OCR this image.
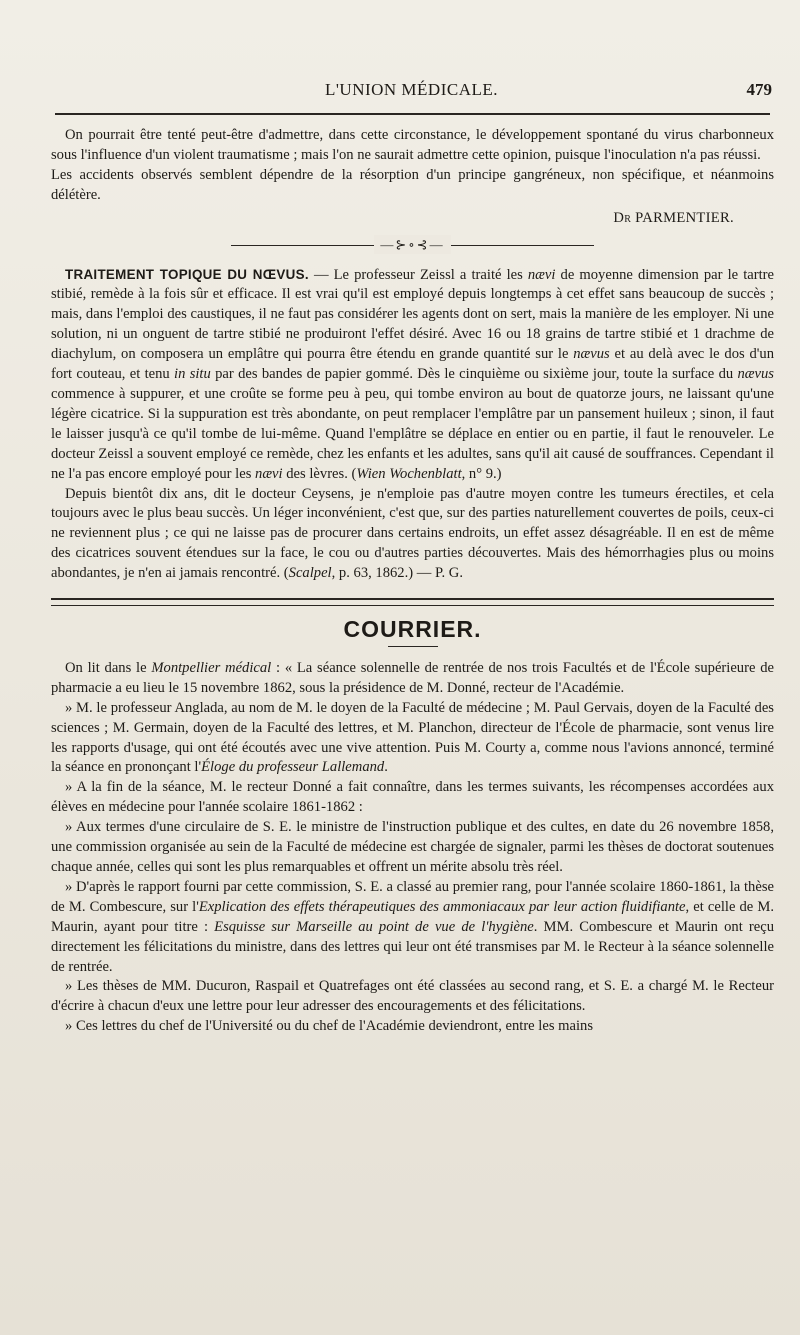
L'UNION MÉDICALE.	479

On pourrait être tenté peut-être d'admettre, dans cette circonstance, le développement spontané du virus charbonneux sous l'influence d'un violent traumatisme ; mais l'on ne saurait admettre cette opinion, puisque l'inoculation n'a pas réussi.

Les accidents observés semblent dépendre de la résorption d'un principe gangréneux, non spécifique, et néanmoins délétère.

Dr PARMENTIER.
—⊱∘⊰—

TRAITEMENT TOPIQUE DU NŒVUS. — Le professeur Zeissl a traité les nævi de moyenne dimension par le tartre stibié, remède à la fois sûr et efficace. Il est vrai qu'il est employé depuis longtemps à cet effet sans beaucoup de succès ; mais, dans l'emploi des caustiques, il ne faut pas considérer les agents dont on sert, mais la manière de les employer. Ni une solution, ni un onguent de tartre stibié ne produiront l'effet désiré. Avec 16 ou 18 grains de tartre stibié et 1 drachme de diachylum, on composera un emplâtre qui pourra être étendu en grande quantité sur le nævus et au delà avec le dos d'un fort couteau, et tenu in situ par des bandes de papier gommé. Dès le cinquième ou sixième jour, toute la surface du nævus commence à suppurer, et une croûte se forme peu à peu, qui tombe environ au bout de quatorze jours, ne laissant qu'une légère cicatrice. Si la suppuration est très abondante, on peut remplacer l'emplâtre par un pansement huileux ; sinon, il faut le laisser jusqu'à ce qu'il tombe de lui-même. Quand l'emplâtre se déplace en entier ou en partie, il faut le renouveler. Le docteur Zeissl a souvent employé ce remède, chez les enfants et les adultes, sans qu'il ait causé de souffrances. Cependant il ne l'a pas encore employé pour les nævi des lèvres. (Wien Wochenblatt, n° 9.)

Depuis bientôt dix ans, dit le docteur Ceysens, je n'emploie pas d'autre moyen contre les tumeurs érectiles, et cela toujours avec le plus beau succès. Un léger inconvénient, c'est que, sur des parties naturellement couvertes de poils, ceux-ci ne reviennent plus ; ce qui ne laisse pas de procurer dans certains endroits, un effet assez désagréable. Il en est de même des cicatrices souvent étendues sur la face, le cou ou d'autres parties découvertes. Mais des hémorrhagies plus ou moins abondantes, je n'en ai jamais rencontré. (Scalpel, p. 63, 1862.) — P. G.

COURRIER.

On lit dans le Montpellier médical : « La séance solennelle de rentrée de nos trois Facultés et de l'École supérieure de pharmacie a eu lieu le 15 novembre 1862, sous la présidence de M. Donné, recteur de l'Académie.

» M. le professeur Anglada, au nom de M. le doyen de la Faculté de médecine ; M. Paul Gervais, doyen de la Faculté des sciences ; M. Germain, doyen de la Faculté des lettres, et M. Planchon, directeur de l'École de pharmacie, sont venus lire les rapports d'usage, qui ont été écoutés avec une vive attention. Puis M. Courty a, comme nous l'avions annoncé, terminé la séance en prononçant l'Éloge du professeur Lallemand.

» A la fin de la séance, M. le recteur Donné a fait connaître, dans les termes suivants, les récompenses accordées aux élèves en médecine pour l'année scolaire 1861-1862 :

» Aux termes d'une circulaire de S. E. le ministre de l'instruction publique et des cultes, en date du 26 novembre 1858, une commission organisée au sein de la Faculté de médecine est chargée de signaler, parmi les thèses de doctorat soutenues chaque année, celles qui sont les plus remarquables et offrent un mérite absolu très réel.

» D'après le rapport fourni par cette commission, S. E. a classé au premier rang, pour l'année scolaire 1860-1861, la thèse de M. Combescure, sur l'Explication des effets thérapeutiques des ammoniacaux par leur action fluidifiante, et celle de M. Maurin, ayant pour titre : Esquisse sur Marseille au point de vue de l'hygiène. MM. Combescure et Maurin ont reçu directement les félicitations du ministre, dans des lettres qui leur ont été transmises par M. le Recteur à la séance solennelle de rentrée.

» Les thèses de MM. Ducuron, Raspail et Quatrefages ont été classées au second rang, et S. E. a chargé M. le Recteur d'écrire à chacun d'eux une lettre pour leur adresser des encouragements et des félicitations.

» Ces lettres du chef de l'Université ou du chef de l'Académie deviendront, entre les mains
